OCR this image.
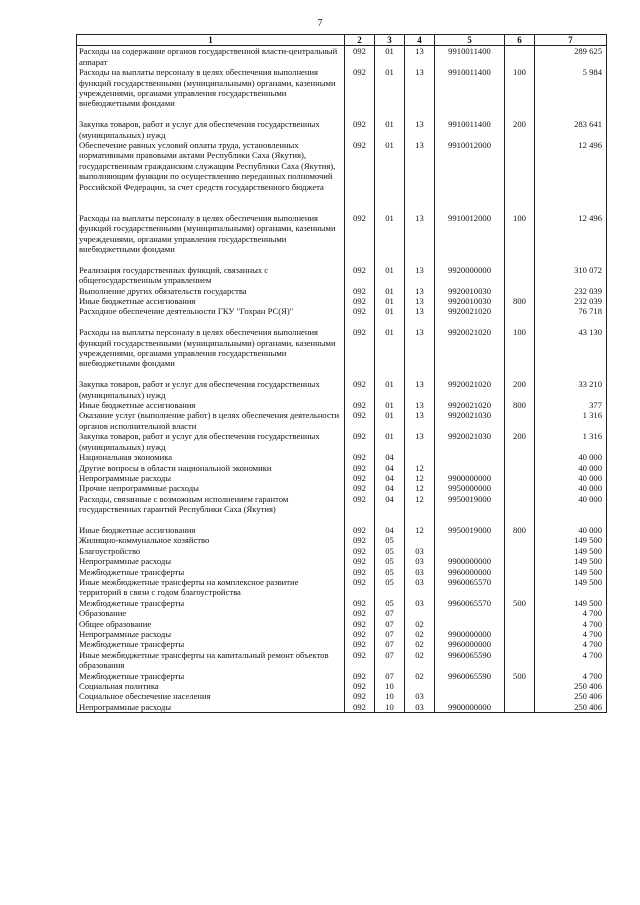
7
1	2	3	4	5	6	7
Расходы на содержание органов государственной власти-центральный аппарат	092	01	13	9910011400		289 625
Расходы на выплаты персоналу в целях обеспечения выполнения функций государственными (муниципальными) органами, казенными учреждениями, органами управления государственными внебюджетными фондами	092	01	13	9910011400	100	5 984
Закупка товаров, работ и услуг для обеспечения государственных (муниципальных) нужд	092	01	13	9910011400	200	283 641
Обеспечение равных условий оплаты труда, установленных нормативными правовыми актами Республики Саха (Якутия), государственным гражданским служащим Республики Саха (Якутия), выполняющим функции по осуществлению переданных полномочий Российской Федерации, за счет средств государственного бюджета	092	01	13	9910012000		12 496
Расходы на выплаты персоналу в целях обеспечения выполнения функций государственными (муниципальными) органами, казенными учреждениями, органами управления государственными внебюджетными фондами	092	01	13	9910012000	100	12 496
Реализация государственных функций, связанных с общегосударственным управлением	092	01	13	9920000000		310 072
Выполнение других обязательств государства	092	01	13	9920010030		232 039
Иные бюджетные ассигнования	092	01	13	9920010030	800	232 039
Расходное обеспечение деятельности ГКУ "Гохран РС(Я)"	092	01	13	9920021020		76 718
Расходы на выплаты персоналу в целях обеспечения выполнения функций государственными (муниципальными) органами, казенными учреждениями, органами управления государственными внебюджетными фондами	092	01	13	9920021020	100	43 130
Закупка товаров, работ и услуг для обеспечения государственных (муниципальных) нужд	092	01	13	9920021020	200	33 210
Иные бюджетные ассигнования	092	01	13	9920021020	800	377
Оказание услуг (выполнение работ) в целях обеспечения деятельности органов исполнительной власти	092	01	13	9920021030		1 316
Закупка товаров, работ и услуг для обеспечения государственных (муниципальных) нужд	092	01	13	9920021030	200	1 316
Национальная экономика	092	04				40 000
Другие вопросы в области национальной экономики	092	04	12			40 000
Непрограммные расходы	092	04	12	9900000000		40 000
Прочие непрограммные расходы	092	04	12	9950000000		40 000
Расходы, связанные с возможным исполнением гарантом государственных гарантий Республики Саха (Якутия)	092	04	12	9950019000		40 000
Иные бюджетные ассигнования	092	04	12	9950019000	800	40 000
Жилищно-коммунальное хозяйство	092	05				149 500
Благоустройство	092	05	03			149 500
Непрограммные расходы	092	05	03	9900000000		149 500
Межбюджетные трансферты	092	05	03	9960000000		149 500
Иные межбюджетные трансферты на комплексное развитие территорий в связи с годом благоустройства	092	05	03	9960065570		149 500
Межбюджетные трансферты	092	05	03	9960065570	500	149 500
Образование	092	07				4 700
Общее образование	092	07	02			4 700
Непрограммные расходы	092	07	02	9900000000		4 700
Межбюджетные трансферты	092	07	02	9960000000		4 700
Иные межбюджетные трансферты на капитальный ремонт объектов образования	092	07	02	9960065590		4 700
Межбюджетные трансферты	092	07	02	9960065590	500	4 700
Социальная политика	092	10				250 406
Социальное обеспечение населения	092	10	03			250 406
Непрограммные расходы	092	10	03	9900000000		250 406
